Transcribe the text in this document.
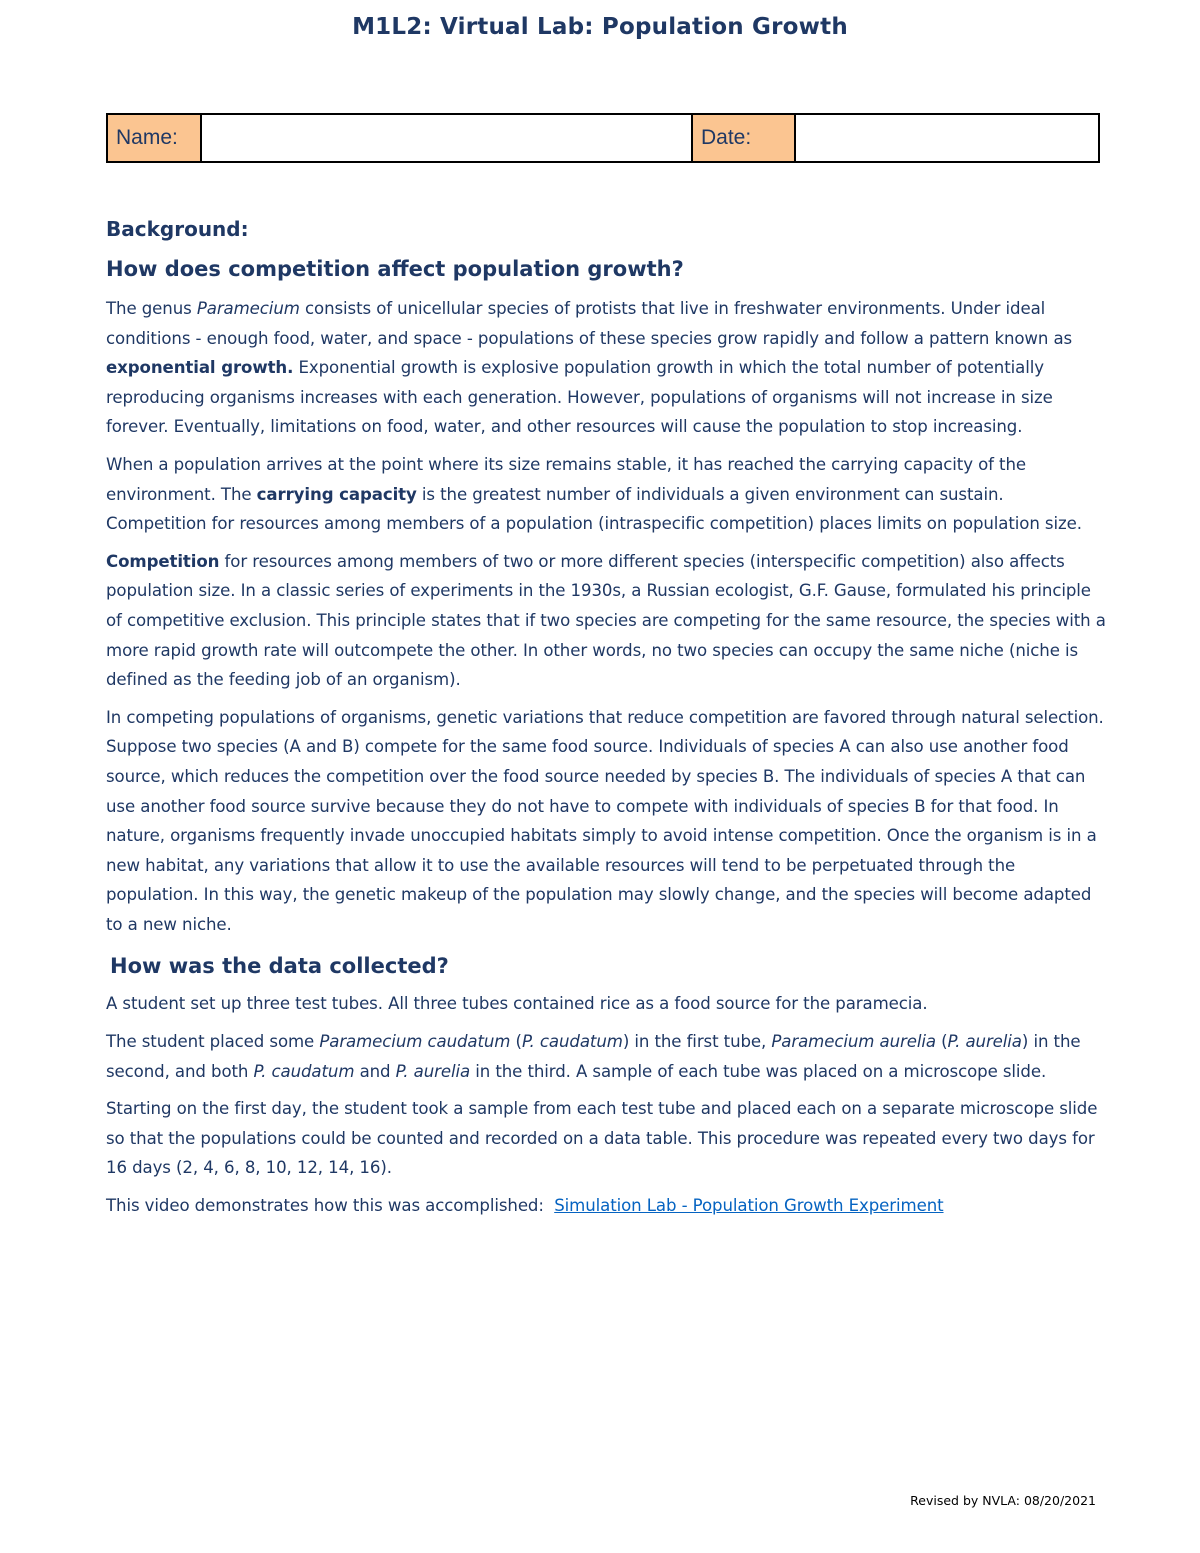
M1L2: Virtual Lab: Population Growth
Name:		Date:	
Background:
How does competition affect population growth?

The genus Paramecium consists of unicellular species of protists that live in freshwater environments. Under ideal conditions - enough food, water, and space - populations of these species grow rapidly and follow a pattern known as exponential growth. Exponential growth is explosive population growth in which the total number of potentially reproducing organisms increases with each generation. However, populations of organisms will not increase in size forever. Eventually, limitations on food, water, and other resources will cause the population to stop increasing.

When a population arrives at the point where its size remains stable, it has reached the carrying capacity of the environment. The carrying capacity is the greatest number of individuals a given environment can sustain. Competition for resources among members of a population (intraspecific competition) places limits on population size.

Competition for resources among members of two or more different species (interspecific competition) also affects population size. In a classic series of experiments in the 1930s, a Russian ecologist, G.F. Gause, formulated his principle of competitive exclusion. This principle states that if two species are competing for the same resource, the species with a more rapid growth rate will outcompete the other. In other words, no two species can occupy the same niche (niche is defined as the feeding job of an organism).

In competing populations of organisms, genetic variations that reduce competition are favored through natural selection. Suppose two species (A and B) compete for the same food source. Individuals of species A can also use another food source, which reduces the competition over the food source needed by species B. The individuals of species A that can use another food source survive because they do not have to compete with individuals of species B for that food. In nature, organisms frequently invade unoccupied habitats simply to avoid intense competition. Once the organism is in a new habitat, any variations that allow it to use the available resources will tend to be perpetuated through the population. In this way, the genetic makeup of the population may slowly change, and the species will become adapted to a new niche.

How was the data collected?

A student set up three test tubes. All three tubes contained rice as a food source for the paramecia.

The student placed some Paramecium caudatum (P. caudatum) in the first tube, Paramecium aurelia (P. aurelia) in the second, and both P. caudatum and P. aurelia in the third. A sample of each tube was placed on a microscope slide.

Starting on the first day, the student took a sample from each test tube and placed each on a separate microscope slide so that the populations could be counted and recorded on a data table. This procedure was repeated every two days for 16 days (2, 4, 6, 8, 10, 12, 14, 16).

This video demonstrates how this was accomplished:  Simulation Lab - Population Growth Experiment

Revised by NVLA: 08/20/2021
